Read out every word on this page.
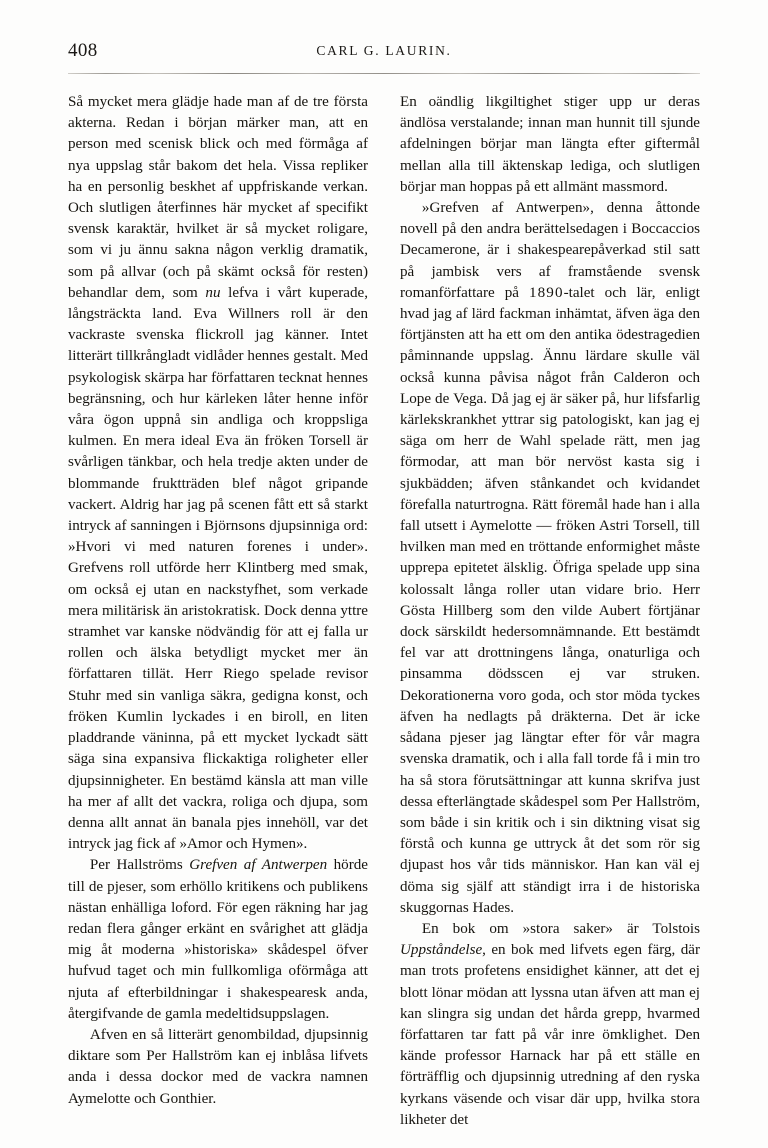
408	CARL G. LAURIN.

Så mycket mera glädje hade man af de tre första akterna. Redan i början märker man, att en person med scenisk blick och med förmåga af nya uppslag står bakom det hela. Vissa repliker ha en personlig beskhet af uppfriskande verkan. Och slutligen återfinnes här mycket af specifikt svensk karaktär, hvilket är så mycket roligare, som vi ju ännu sakna någon verklig dramatik, som på allvar (och på skämt också för resten) behandlar dem, som nu lefva i vårt kuperade, långsträckta land. Eva Willners roll är den vackraste svenska flickroll jag känner. Intet litterärt tillkrångladt vidlåder hennes gestalt. Med psykologisk skärpa har författaren tecknat hennes begränsning, och hur kärleken låter henne inför våra ögon uppnå sin andliga och kroppsliga kulmen. En mera ideal Eva än fröken Torsell är svårligen tänkbar, och hela tredje akten under de blommande fruktträden blef något gripande vackert. Aldrig har jag på scenen fått ett så starkt intryck af sanningen i Björnsons djupsinniga ord: »Hvori vi med naturen forenes i under». Grefvens roll utförde herr Klintberg med smak, om också ej utan en nackstyfhet, som verkade mera militärisk än aristokratisk. Dock denna yttre stramhet var kanske nödvändig för att ej falla ur rollen och älska betydligt mycket mer än författaren tillät. Herr Riego spelade revisor Stuhr med sin vanliga säkra, gedigna konst, och fröken Kumlin lyckades i en biroll, en liten pladdrande väninna, på ett mycket lyckadt sätt säga sina expansiva flickaktiga roligheter eller djupsinnigheter. En bestämd känsla att man ville ha mer af allt det vackra, roliga och djupa, som denna allt annat än banala pjes innehöll, var det intryck jag fick af »Amor och Hymen».

Per Hallströms Grefven af Antwerpen hörde till de pjeser, som erhöllo kritikens och publikens nästan enhälliga loford. För egen räkning har jag redan flera gånger erkänt en svårighet att glädja mig åt moderna »historiska» skådespel öfver hufvud taget och min fullkomliga oförmåga att njuta af efterbildningar i shakespearesk anda, återgifvande de gamla medeltidsuppslagen.

Afven en så litterärt genombildad, djupsinnig diktare som Per Hallström kan ej inblåsa lifvets anda i dessa dockor med de vackra namnen Aymelotte och Gonthier.

En oändlig likgiltighet stiger upp ur deras ändlösa verstalande; innan man hunnit till sjunde afdelningen börjar man längta efter giftermål mellan alla till äktenskap lediga, och slutligen börjar man hoppas på ett allmänt massmord.

»Grefven af Antwerpen», denna åttonde novell på den andra berättelsedagen i Boccaccios Decamerone, är i shakespearepåverkad stil satt på jambisk vers af framstående svensk romanförfattare på 1890-talet och lär, enligt hvad jag af lärd fackman inhämtat, äfven äga den förtjänsten att ha ett om den antika ödestragedien påminnande uppslag. Ännu lärdare skulle väl också kunna påvisa något från Calderon och Lope de Vega. Då jag ej är säker på, hur lifsfarlig kärlekskrankhet yttrar sig patologiskt, kan jag ej säga om herr de Wahl spelade rätt, men jag förmodar, att man bör nervöst kasta sig i sjukbädden; äfven stånkandet och kvidandet förefalla naturtrogna. Rätt föremål hade han i alla fall utsett i Aymelotte — fröken Astri Torsell, till hvilken man med en tröttande enformighet måste upprepa epitetet älsklig. Öfriga spelade upp sina kolossalt långa roller utan vidare brio. Herr Gösta Hillberg som den vilde Aubert förtjänar dock särskildt hedersomnämnande. Ett bestämdt fel var att drottningens långa, onaturliga och pinsamma dödsscen ej var struken. Dekorationerna voro goda, och stor möda tyckes äfven ha nedlagts på dräkterna. Det är icke sådana pjeser jag längtar efter för vår magra svenska dramatik, och i alla fall torde få i min tro ha så stora förutsättningar att kunna skrifva just dessa efterlängtade skådespel som Per Hallström, som både i sin kritik och i sin diktning visat sig förstå och kunna ge uttryck åt det som rör sig djupast hos vår tids människor. Han kan väl ej döma sig själf att ständigt irra i de historiska skuggornas Hades.

En bok om »stora saker» är Tolstois Uppståndelse, en bok med lifvets egen färg, där man trots profetens ensidighet känner, att det ej blott lönar mödan att lyssna utan äfven att man ej kan slingra sig undan det hårda grepp, hvarmed författaren tar fatt på vår inre ömklighet. Den kände professor Harnack har på ett ställe en förträfflig och djupsinnig utredning af den ryska kyrkans väsende och visar där upp, hvilka stora likheter det
